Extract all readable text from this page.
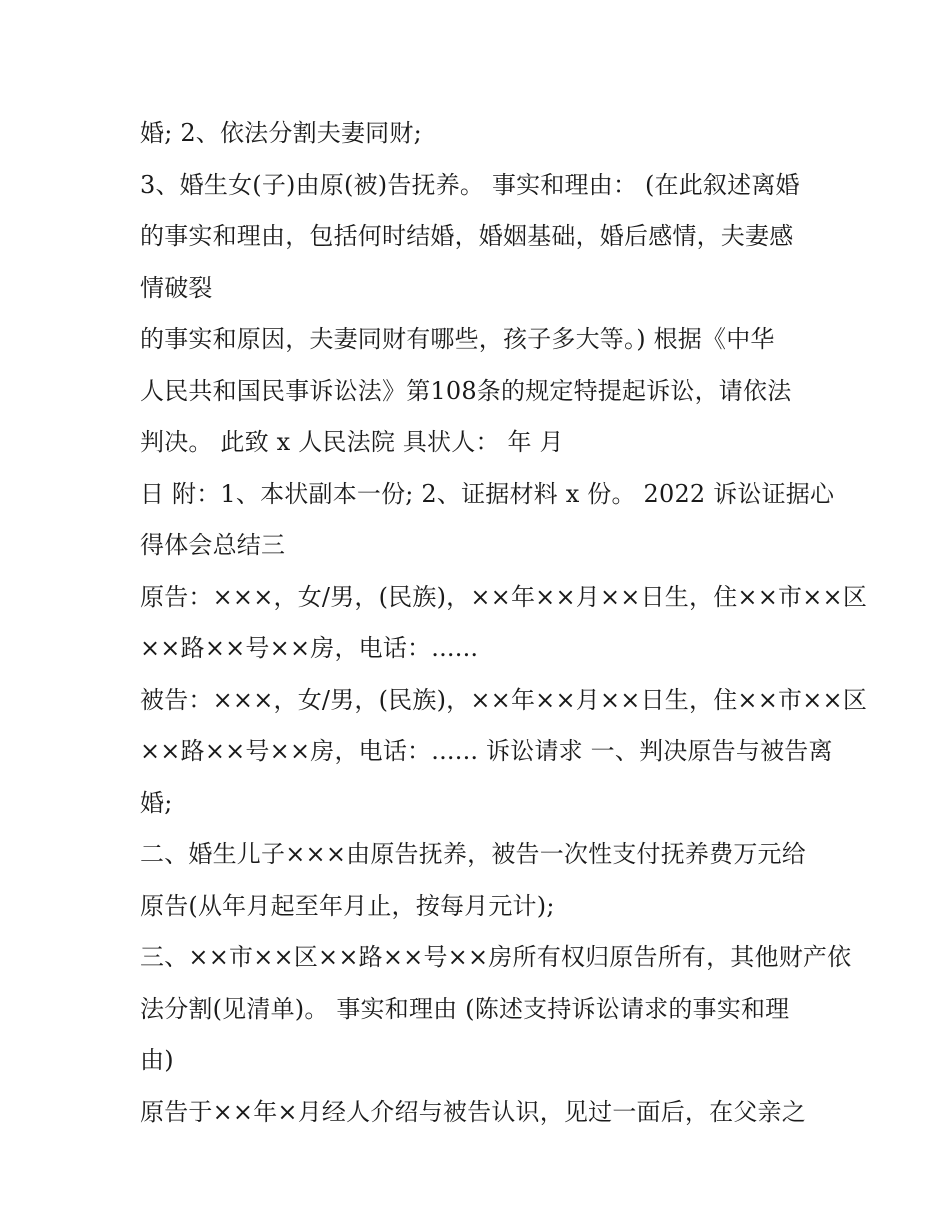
婚; 2、依法分割夫妻同财;
3、婚生女(子)由原(被)告抚养。 事实和理由： (在此叙述离婚
的事实和理由，包括何时结婚，婚姻基础，婚后感情，夫妻感
情破裂
的事实和原因，夫妻同财有哪些，孩子多大等。) 根据《中华
人民共和国民事诉讼法》第108条的规定特提起诉讼，请依法
判决。 此致 x 人民法院 具状人： 年 月
日 附：1、本状副本一份; 2、证据材料 x 份。 2022 诉讼证据心
得体会总结三
原告：×××，女/男，(民族)，××年××月××日生，住××市××区
××路××号××房，电话：......
被告：×××，女/男，(民族)，××年××月××日生，住××市××区
××路××号××房，电话：...... 诉讼请求 一、判决原告与被告离
婚;
二、婚生儿子×××由原告抚养，被告一次性支付抚养费万元给
原告(从年月起至年月止，按每月元计);
三、××市××区××路××号××房所有权归原告所有，其他财产依
法分割(见清单)。 事实和理由 (陈述支持诉讼请求的事实和理
由)
原告于××年×月经人介绍与被告认识，见过一面后，在父亲之
